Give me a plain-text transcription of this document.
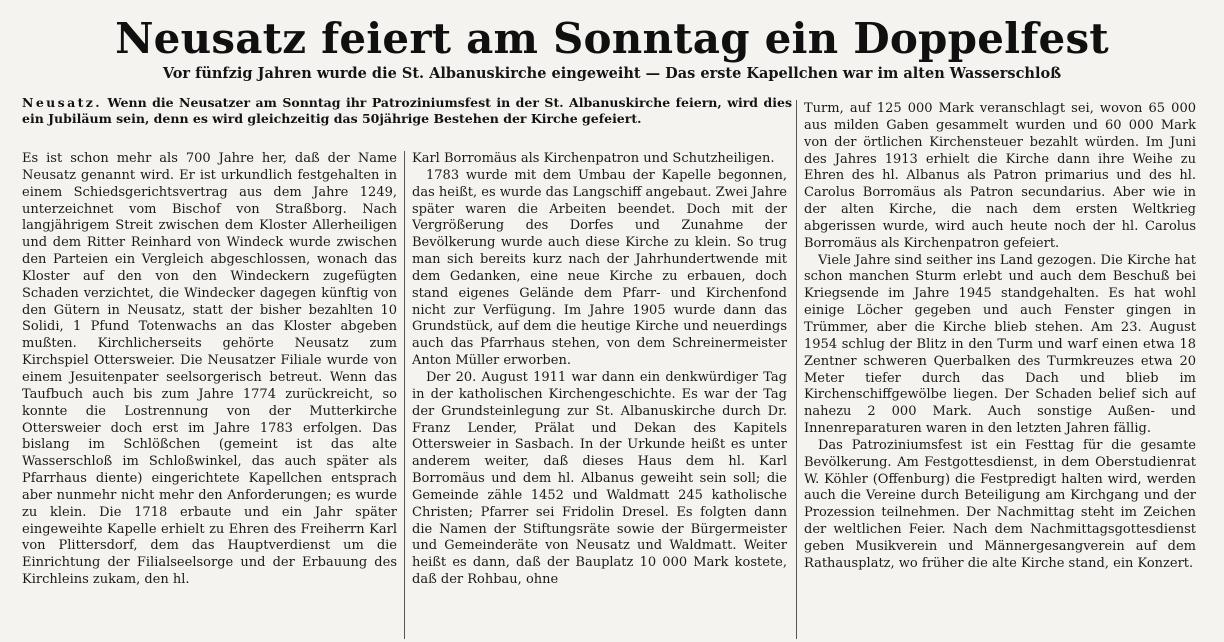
Neusatz feiert am Sonntag ein Doppelfest
Vor fünfzig Jahren wurde die St. Albanuskirche eingeweiht — Das erste Kapellchen war im alten Wasserschloß
Neusatz. Wenn die Neusatzer am Sonntag ihr Patroziniumsfest in der St. Albanuskirche feiern, wird dies ein Jubiläum sein, denn es wird gleichzeitig das 50jährige Bestehen der Kirche gefeiert.

Es ist schon mehr als 700 Jahre her, daß der Name Neusatz genannt wird. Er ist urkundlich festgehalten in einem Schiedsgerichtsvertrag aus dem Jahre 1249, unterzeichnet vom Bischof von Straßborg. Nach langjährigem Streit zwischen dem Kloster Allerheiligen und dem Ritter Reinhard von Windeck wurde zwischen den Parteien ein Vergleich abgeschlossen, wonach das Kloster auf den von den Windeckern zugefügten Schaden verzichtet, die Windecker dagegen künftig von den Gütern in Neusatz, statt der bisher bezahlten 10 Solidi, 1 Pfund Totenwachs an das Kloster abgeben mußten. Kirchlicherseits gehörte Neusatz zum Kirchspiel Ottersweier. Die Neusatzer Filiale wurde von einem Jesuitenpater seelsorgerisch betreut. Wenn das Taufbuch auch bis zum Jahre 1774 zurückreicht, so konnte die Lostrennung von der Mutterkirche Ottersweier doch erst im Jahre 1783 erfolgen. Das bislang im Schlößchen (gemeint ist das alte Wasserschloß im Schloßwinkel, das auch später als Pfarrhaus diente) eingerichtete Kapellchen entsprach aber nunmehr nicht mehr den Anforderungen; es wurde zu klein. Die 1718 erbaute und ein Jahr später eingeweihte Kapelle erhielt zu Ehren des Freiherrn Karl von Plittersdorf, dem das Hauptverdienst um die Einrichtung der Filialseelsorge und der Erbauung des Kirchleins zukam, den hl.

Karl Borromäus als Kirchenpatron und Schutzheiligen.

1783 wurde mit dem Umbau der Kapelle begonnen, das heißt, es wurde das Langschiff angebaut. Zwei Jahre später waren die Arbeiten beendet. Doch mit der Vergrößerung des Dorfes und Zunahme der Bevölkerung wurde auch diese Kirche zu klein. So trug man sich bereits kurz nach der Jahrhundertwende mit dem Gedanken, eine neue Kirche zu erbauen, doch stand eigenes Gelände dem Pfarr- und Kirchenfond nicht zur Verfügung. Im Jahre 1905 wurde dann das Grundstück, auf dem die heutige Kirche und neuerdings auch das Pfarrhaus stehen, von dem Schreinermeister Anton Müller erworben.

Der 20. August 1911 war dann ein denkwürdiger Tag in der katholischen Kirchengeschichte. Es war der Tag der Grundsteinlegung zur St. Albanuskirche durch Dr. Franz Lender, Prälat und Dekan des Kapitels Ottersweier in Sasbach. In der Urkunde heißt es unter anderem weiter, daß dieses Haus dem hl. Karl Borromäus und dem hl. Albanus geweiht sein soll; die Gemeinde zähle 1452 und Waldmatt 245 katholische Christen; Pfarrer sei Fridolin Dresel. Es folgten dann die Namen der Stiftungsräte sowie der Bürgermeister und Gemeinderäte von Neusatz und Waldmatt. Weiter heißt es dann, daß der Bauplatz 10 000 Mark kostete, daß der Rohbau, ohne

Turm, auf 125 000 Mark veranschlagt sei, wovon 65 000 aus milden Gaben gesammelt wurden und 60 000 Mark von der örtlichen Kirchensteuer bezahlt würden. Im Juni des Jahres 1913 erhielt die Kirche dann ihre Weihe zu Ehren des hl. Albanus als Patron primarius und des hl. Carolus Borromäus als Patron secundarius. Aber wie in der alten Kirche, die nach dem ersten Weltkrieg abgerissen wurde, wird auch heute noch der hl. Carolus Borromäus als Kirchenpatron gefeiert.

Viele Jahre sind seither ins Land gezogen. Die Kirche hat schon manchen Sturm erlebt und auch dem Beschuß bei Kriegsende im Jahre 1945 standgehalten. Es hat wohl einige Löcher gegeben und auch Fenster gingen in Trümmer, aber die Kirche blieb stehen. Am 23. August 1954 schlug der Blitz in den Turm und warf einen etwa 18 Zentner schweren Querbalken des Turmkreuzes etwa 20 Meter tiefer durch das Dach und blieb im Kirchenschiffgewölbe liegen. Der Schaden belief sich auf nahezu 2 000 Mark. Auch sonstige Außen- und Innenreparaturen waren in den letzten Jahren fällig.

Das Patroziniumsfest ist ein Festtag für die gesamte Bevölkerung. Am Festgottesdienst, in dem Oberstudienrat W. Köhler (Offenburg) die Festpredigt halten wird, werden auch die Vereine durch Beteiligung am Kirchgang und der Prozession teilnehmen. Der Nachmittag steht im Zeichen der weltlichen Feier. Nach dem Nachmittagsgottesdienst geben Musikverein und Männergesangverein auf dem Rathausplatz, wo früher die alte Kirche stand, ein Konzert.
